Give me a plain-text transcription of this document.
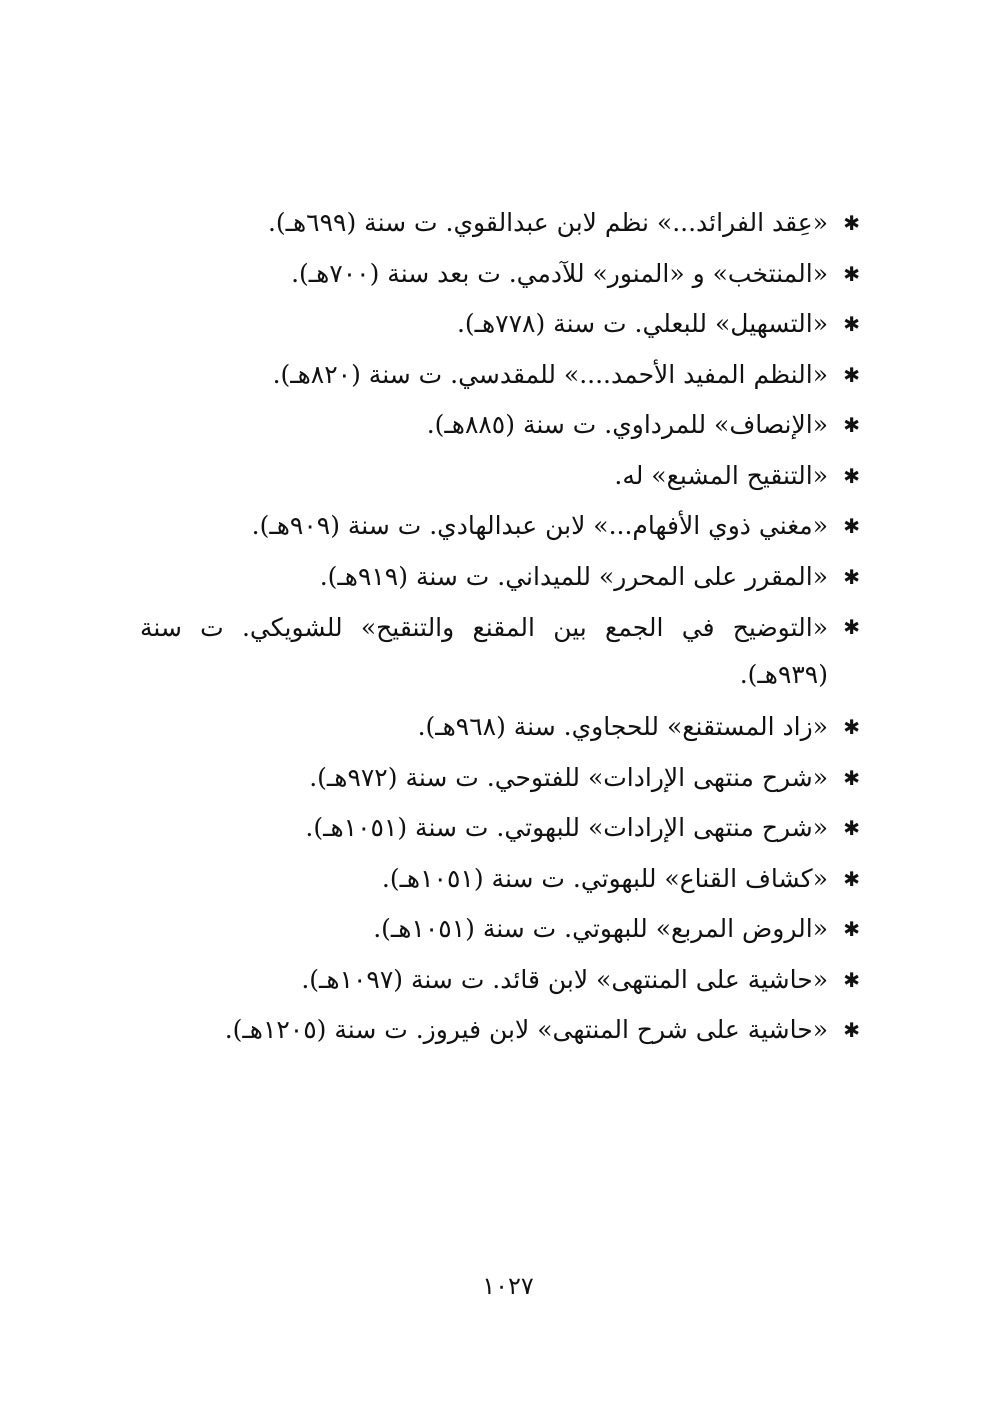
✱
«عِقد الفرائد...» نظم لابن عبدالقوي. ت سنة (٦٩٩هـ).
✱
«المنتخب» و «المنور» للآدمي. ت بعد سنة (٧٠٠هـ).
✱
«التسهيل» للبعلي. ت سنة (٧٧٨هـ).
✱
«النظم المفيد الأحمد....» للمقدسي. ت سنة (٨٢٠هـ).
✱
«الإنصاف» للمرداوي. ت سنة (٨٨٥هـ).
✱
«التنقيح المشبع» له.
✱
«مغني ذوي الأفهام...» لابن عبدالهادي. ت سنة (٩٠٩هـ).
✱
«المقرر على المحرر» للميداني. ت سنة (٩١٩هـ).
✱
«التوضيح في الجمع بين المقنع والتنقيح» للشويكي. ت سنة (٩٣٩هـ).
✱
«زاد المستقنع» للحجاوي. سنة (٩٦٨هـ).
✱
«شرح منتهى الإرادات» للفتوحي. ت سنة (٩٧٢هـ).
✱
«شرح منتهى الإرادات» للبهوتي. ت سنة (١٠٥١هـ).
✱
«كشاف القناع» للبهوتي. ت سنة (١٠٥١هـ).
✱
«الروض المربع» للبهوتي. ت سنة (١٠٥١هـ).
✱
«حاشية على المنتهى» لابن قائد. ت سنة (١٠٩٧هـ).
✱
«حاشية على شرح المنتهى» لابن فيروز. ت سنة (١٢٠٥هـ).
١٠٢٧
